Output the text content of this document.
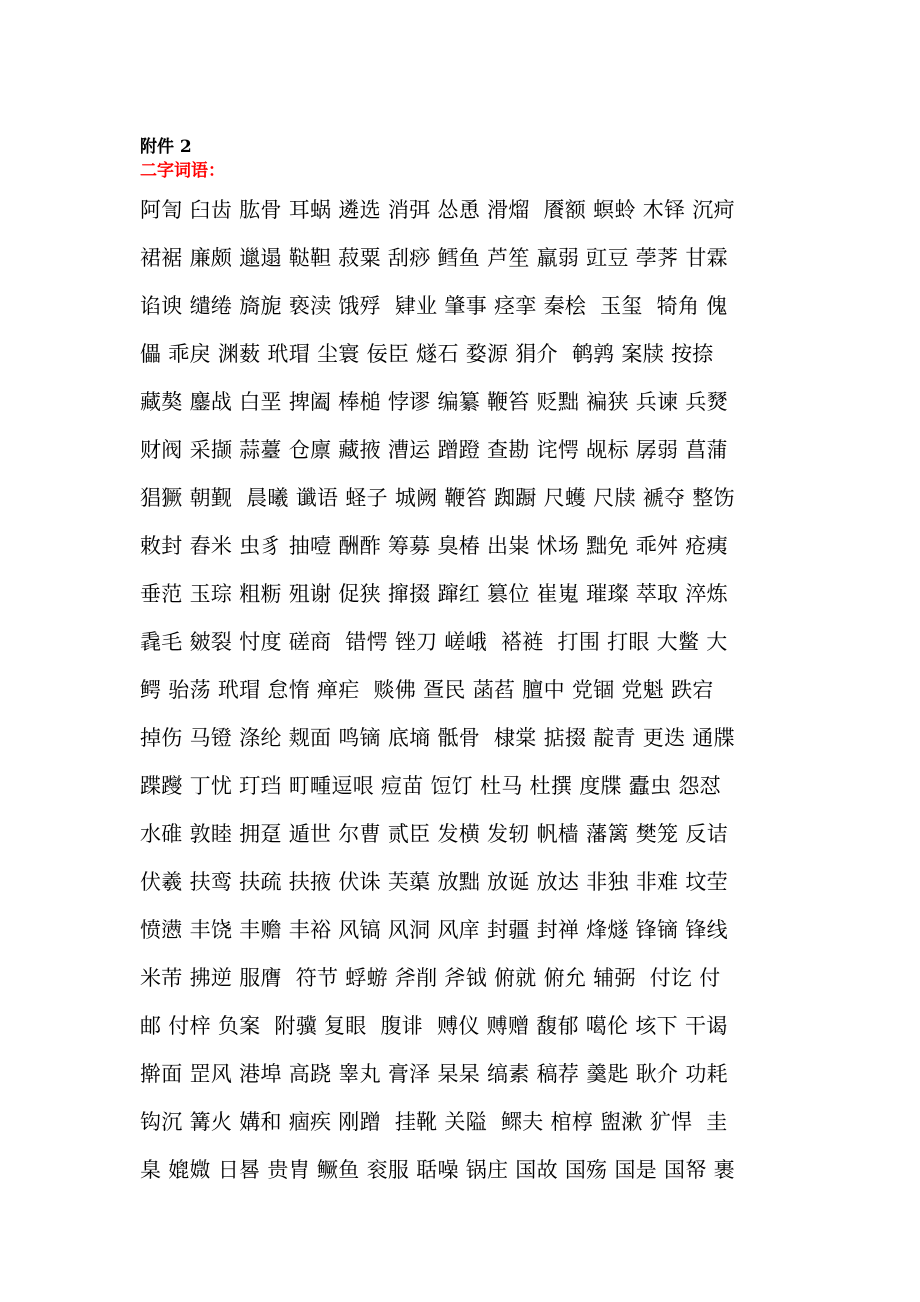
附件 2
二字词语：
阿訇 臼齿 肱骨 耳蜗 遴选 消弭 怂恿 滑熘  餍额 螟蛉 木铎 沉疴
裙裾 廉颇 邋遢 鞑靼 菽粟 刮痧 鳕鱼 芦笙 羸弱 豇豆 荸荠 甘霖
谄谀 缱绻 旖旎 亵渎 饿殍  肄业 肇事 痉挛 秦桧  玉玺  犄角 傀
儡 乖戾 渊薮 玳瑁 尘寰 佞臣 燧石 婺源 狷介  鹌鹑 案牍 按捺
藏獒 鏖战 白垩 捭阖 棒槌 悖谬 编纂 鞭笞 贬黜 褊狭 兵谏 兵燹
财阀 采撷 蒜薹 仓廪 藏掖 漕运 蹭蹬 查勘 诧愕 觇标 孱弱 菖蒲
猖獗 朝觐  晨曦 谶语 蛏子 城阙 鞭笞 踟蹰 尺蠖 尺牍 褫夺 整饬
敕封 舂米 虫豸 抽噎 酬酢 筹募 臭椿 出粜 怵场 黜免 乖舛 疮痍
垂范 玉琮 粗粝 殂谢 促狭 撺掇 蹿红 篡位 崔嵬 璀璨 萃取 淬炼
毳毛 皴裂 忖度 磋商  错愕 锉刀 嵯峨  褡裢  打围 打眼 大鳖 大
鳄 骀荡 玳瑁 怠惰 瘅疟  赕佛 疍民 菡萏 膻中 党锢 党魁 跌宕
掉伤 马镫 涤纶 觌面 鸣镝 底墒 骶骨  棣棠 掂掇 靛青 更迭 通牒
蹀躞 丁忧 玎珰 町畽逗哏 痘苗 饾饤 杜马 杜撰 度牒 蠹虫 怨怼
水碓 敦睦 拥趸 遁世 尔曹 贰臣 发横 发轫 帆樯 藩篱 樊笼 反诘
伏羲 扶鸾 扶疏 扶掖 伏诛 芙蕖 放黜 放诞 放达 非独 非难 坟茔
愤懑 丰饶 丰赡 丰裕 风镐 风洞 风庠 封疆 封禅 烽燧 锋镝 锋线
米芾 拂逆 服膺  符节 蜉蝣 斧削 斧钺 俯就 俯允 辅弼  付讫 付
邮 付梓 负案  附骥 复眼  腹诽  赙仪 赙赠 馥郁 噶伦 垓下 干谒
擀面 罡风 港埠 高跷 睾丸 膏泽 杲杲 缟素 稿荐 羹匙 耿介 功耗
钩沉 篝火 媾和 痼疾 刚蹭  挂靴 关隘  鳏夫 棺椁 盥漱 犷悍  圭
臬 媲媺 日晷 贵胄 鳜鱼 衮服 聒噪 锅庄 国故 国殇 国是 国帑 裹
